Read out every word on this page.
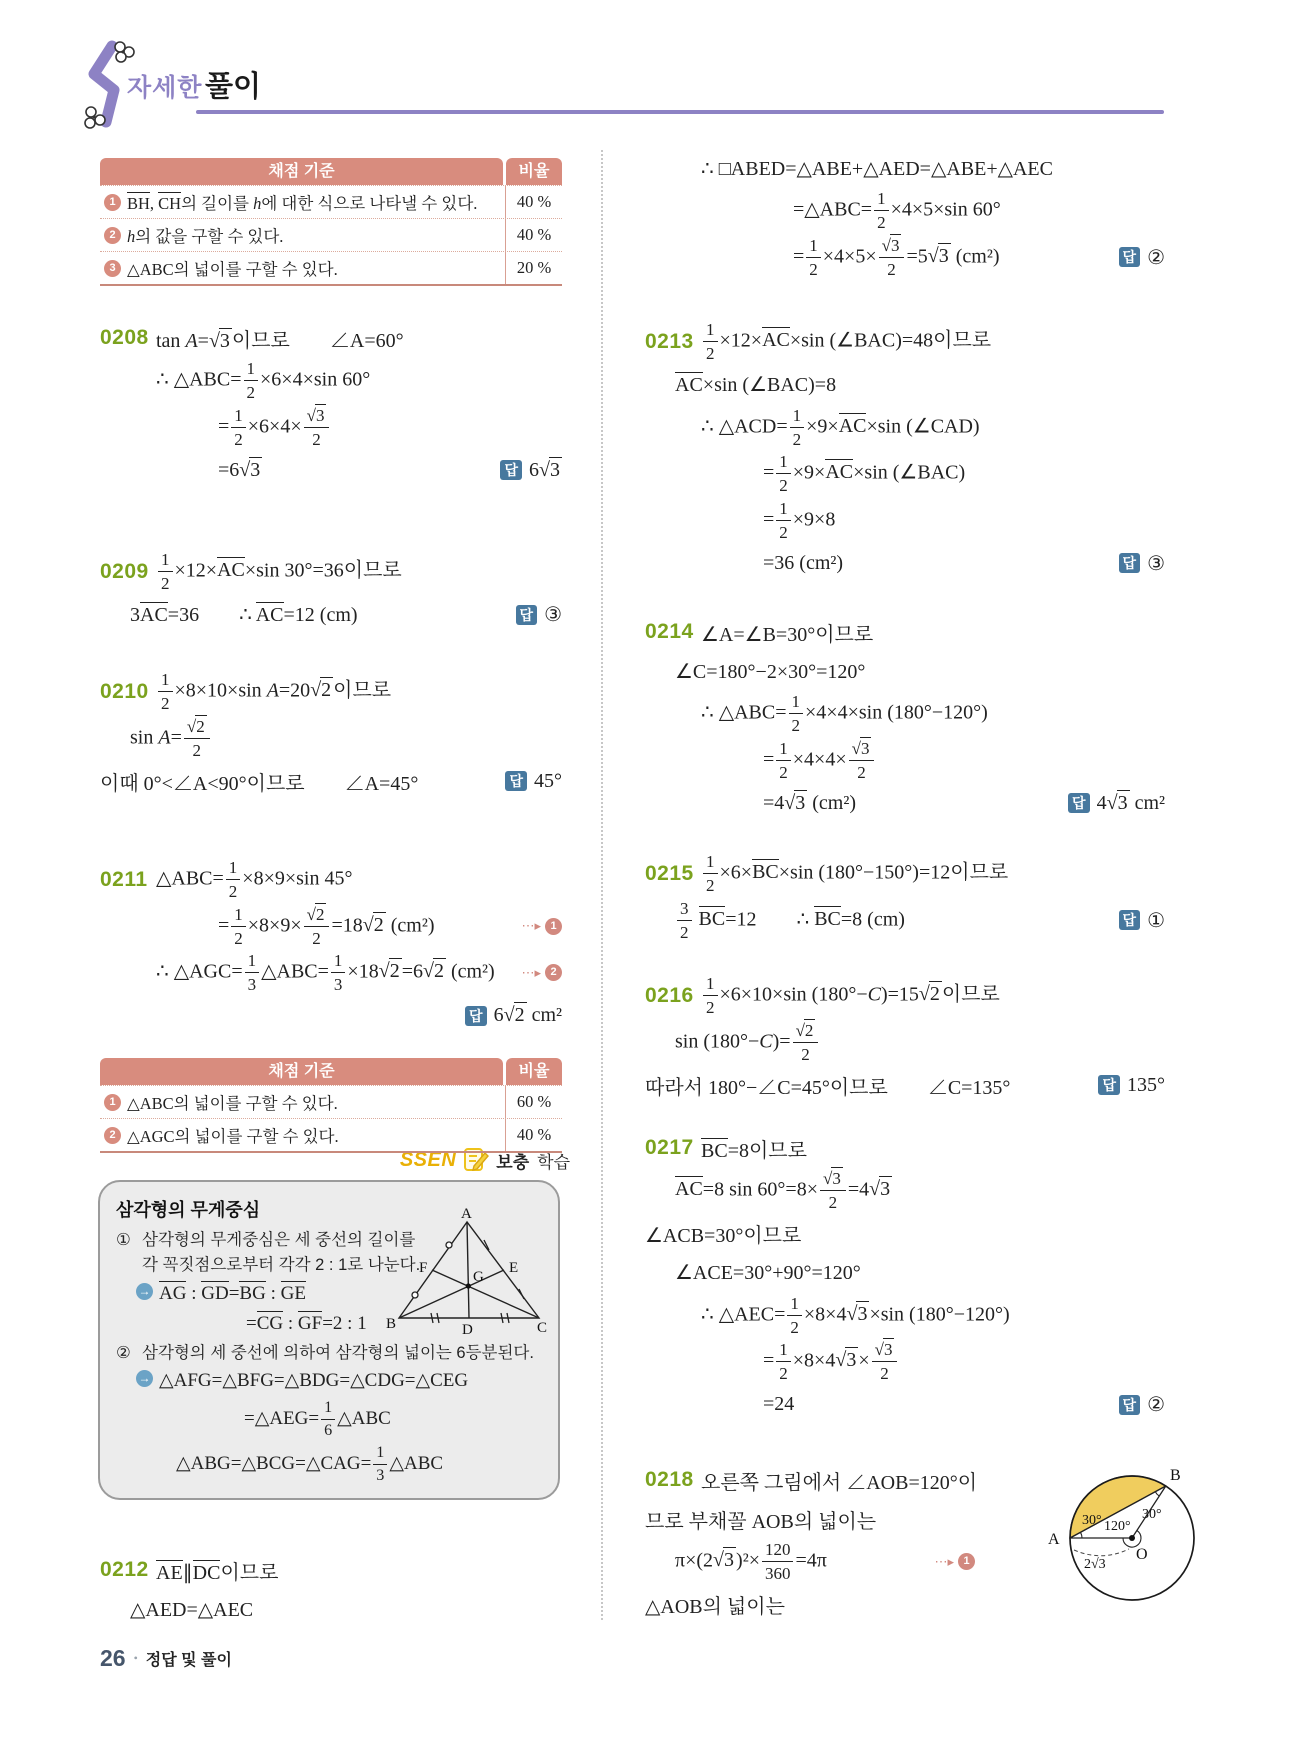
자세한 풀이
SSEN 보충 학습
삼각형의 무게중심
① 삼각형의 무게중심은 세 중선의 길이를
각 꼭짓점으로부터 각각 2 : 1로 나눈다.
→ AG : GD=BG : GE
=CG : GF=2 : 1
② 삼각형의 세 중선에 의하여 삼각형의 넓이는 6등분된다.
→ △AFG=△BFG=△BDG=△CDG=△CEG
=△AEG= $\frac{1}{6}$ △ABC
△ABG=△BCG=△CAG= $\frac{1}{3}$ △ABC
A
B	C
D
E
F
G
A
B
O
30° 120°
30°
2√3
26 • 정답 및 풀이
채점 기준	비율
1 BH, CH의 길이를 h에 대한 식으로 나타낼 수 있다.	40 %
2 h의 값을 구할 수 있다.	40 %
3 △ABC의 넓이를 구할 수 있다.	20 %
채점 기준	비율
1 △ABC의 넓이를 구할 수 있다.	60 %
2 △AGC의 넓이를 구할 수 있다.	40 %
0208 tan A=√3 이므로  ∠A=60°
∴ △ABC= $\frac{1}{2} \times 6\times 4\times\sin$ 60°
= $\frac{1}{2} \times 6\times 4\times \frac{√3}{2}$
=6√3	답 6√3
$0209 \frac{1}{2} \times 12\times AC\times\sin$ 30°=36이므로
3AC=36  ∴ AC=12 (cm)	답 ③
$0210 \frac{1}{2} \times 8\times 10\times\sin$ A=20√2 이므로
$\sin A= \frac{√2}{2}$
이때 0°<∠A<90°이므로  ∠A=45°	답 45°
0211 △ABC= $\frac{1}{2} \times 8\times 9\times\sin$ 45°
= $\frac{1}{2} \times 8\times 9\times \frac{√2}{2} =18√2$ (cm²)	⋯▸ 1
∴ △AGC= $\frac{1}{3}$ △ABC= $\frac{1}{3} \times 18√2 =6√2$ (cm²) ⋯▸ 2
답 6√2 cm²
0212 AE∥DC이므로
△AED=△AEC
∴ □ABED=△ABE+△AED=△ABE+△AEC
=△ABC= $\frac{1}{2} \times 4\times 5\times\sin$ 60°
= $\frac{1}{2} \times 4\times 5\times \frac{√3}{2} =5√3$ (cm²)	답 ②
$0213 \frac{1}{2} \times 12\times AC\times\sin$ (∠BAC)=48이므로
AC×sin (∠BAC)=8
∴ △ACD= $\frac{1}{2} \times 9\times AC\times\sin$ (∠CAD)
= $\frac{1}{2} \times 9\times AC\times\sin$ (∠BAC)
= $\frac{1}{2} \times 9\times 8$
=36 (cm²)	답 ③
0214 ∠A=∠B=30°이므로
∠C=180°−2×30°=120°
∴ △ABC= $\frac{1}{2} \times 4\times 4\times\sin$ (180°−120°)
= $\frac{1}{2} \times 4\times 4\times \frac{√3}{2}$
=4√3 (cm²)	답 4√3 cm²
$0215 \frac{1}{2} \times 6\times BC\times\sin$ (180°−150°)=12이므로
$\frac{3}{2} BC=12$  ∴ BC=8 (cm)	답 ①
$0216 \frac{1}{2} \times 6\times 10\times\sin$ (180°−C)=15√2 이므로
$\sin (180^\circ-C)= \frac{√2}{2}$
따라서 180°−∠C=45°이므로  ∠C=135°	답 135°
0217 BC=8이므로
AC=8 $\sin 60^\circ=8\times \frac{√3}{2} =4√3$
∠ACB=30°이므로
∠ACE=30°+90°=120°
∴ △AEC= $\frac{1}{2} \times 8\times 4√3 \times\sin$ (180°−120°)
= $\frac{1}{2} \times 8\times 4√3 \times \frac{√3}{2}$
=24	답 ②
0218 오른쪽 그림에서 ∠AOB=120°이
므로 부채꼴 AOB의 넓이는
π×(2√3 )$^2\times \frac{120}{360} =4\pi$	⋯▸ 1
△AOB의 넓이는
